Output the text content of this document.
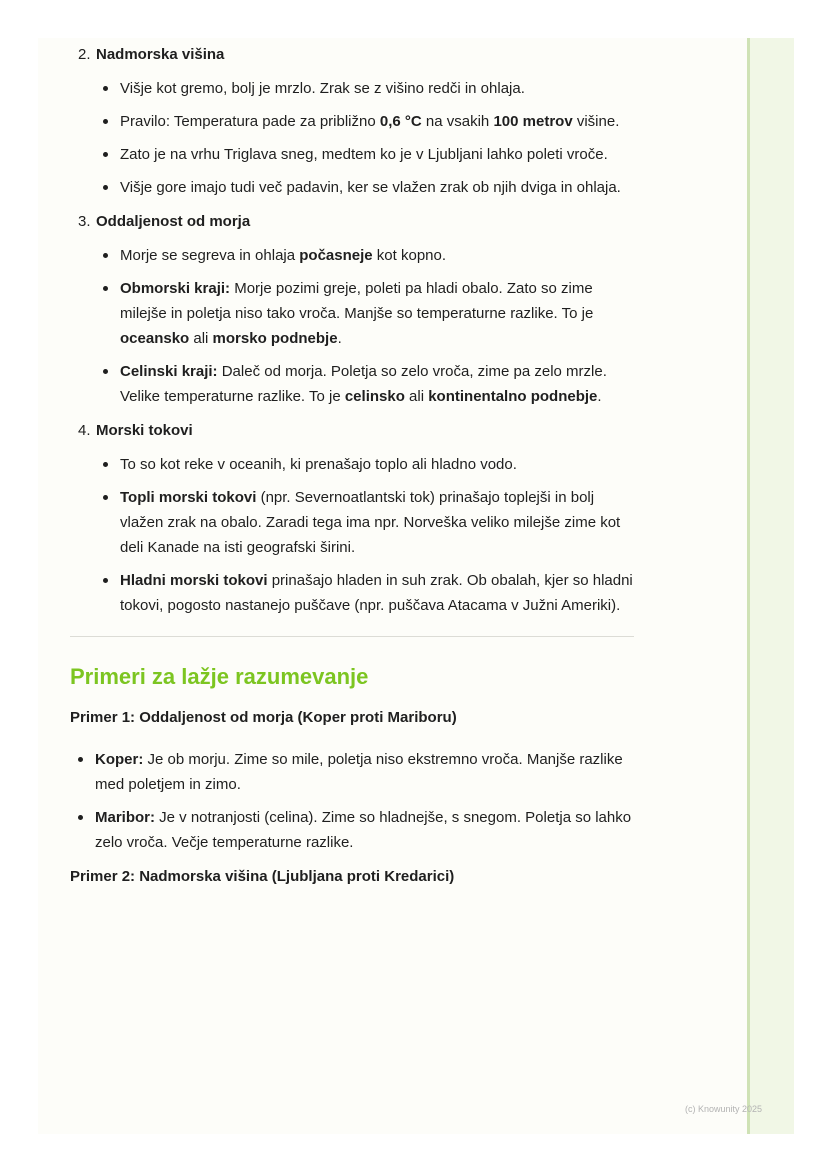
2. Nadmorska višina

Višje kot gremo, bolj je mrzlo. Zrak se z višino redči in ohlaja.
Pravilo: Temperatura pade za približno 0,6 °C na vsakih 100 metrov višine.
Zato je na vrhu Triglava sneg, medtem ko je v Ljubljani lahko poleti vroče.
Višje gore imajo tudi več padavin, ker se vlažen zrak ob njih dviga in ohlaja.

3. Oddaljenost od morja

Morje se segreva in ohlaja počasneje kot kopno.
Obmorski kraji: Morje pozimi greje, poleti pa hladi obalo. Zato so zime milejše in poletja niso tako vroča. Manjše so temperaturne razlike. To je oceansko ali morsko podnebje.
Celinski kraji: Daleč od morja. Poletja so zelo vroča, zime pa zelo mrzle. Velike temperaturne razlike. To je celinsko ali kontinentalno podnebje.

4. Morski tokovi

To so kot reke v oceanih, ki prenašajo toplo ali hladno vodo.
Topli morski tokovi (npr. Severnoatlantski tok) prinašajo toplejši in bolj vlažen zrak na obalo. Zaradi tega ima npr. Norveška veliko milejše zime kot deli Kanade na isti geografski širini.
Hladni morski tokovi prinašajo hladen in suh zrak. Ob obalah, kjer so hladni tokovi, pogosto nastanejo puščave (npr. puščava Atacama v Južni Ameriki).
Primeri za lažje razumevanje
Primer 1: Oddaljenost od morja (Koper proti Mariboru)
Koper: Je ob morju. Zime so mile, poletja niso ekstremno vroča. Manjše razlike med poletjem in zimo.
Maribor: Je v notranjosti (celina). Zime so hladnejše, s snegom. Poletja so lahko zelo vroča. Večje temperaturne razlike.
Primer 2: Nadmorska višina (Ljubljana proti Kredarici)
(c) Knowunity 2025
